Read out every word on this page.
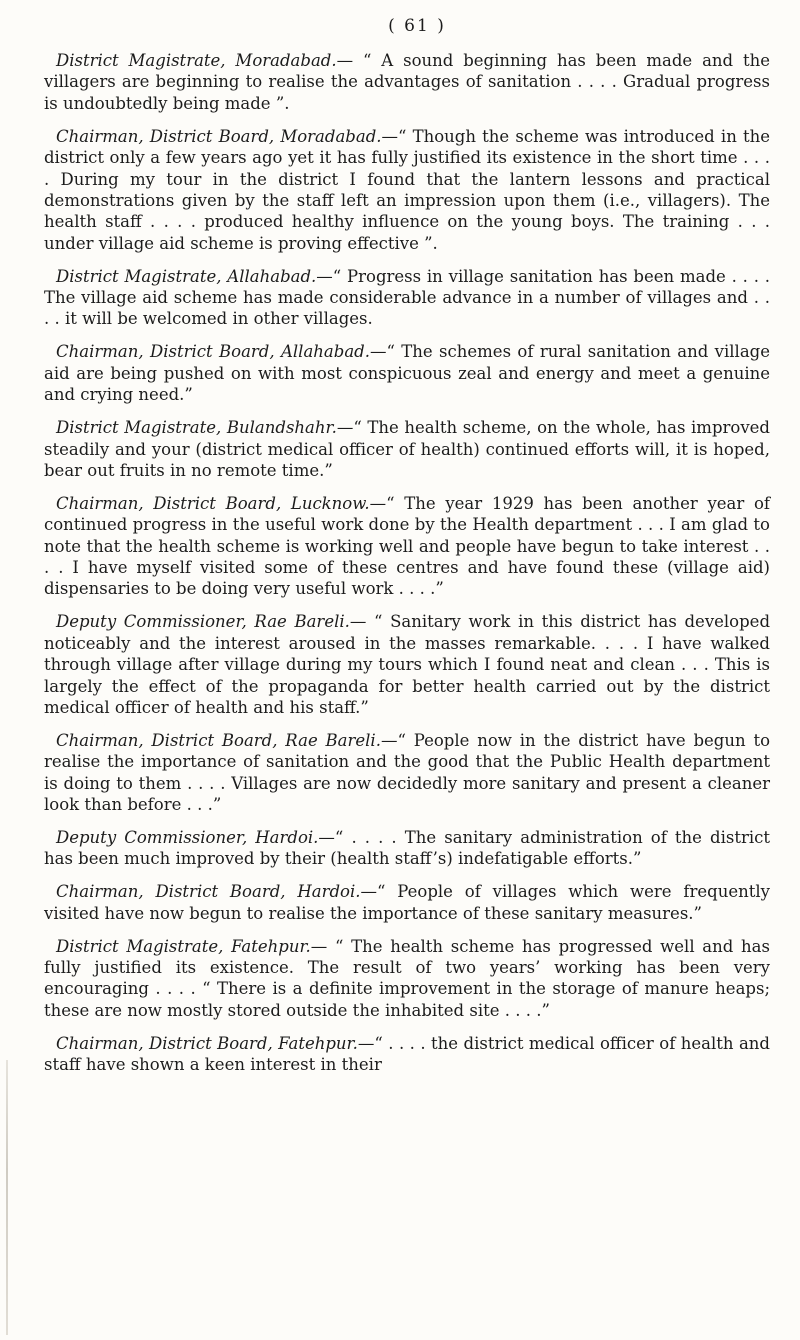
( 61 )

District Magistrate, Moradabad.— “ A sound beginning has been made and the villagers are beginning to realise the advantages of sanitation . . . . Gradual progress is undoubtedly being made ”.

Chairman, District Board, Moradabad.—“ Though the scheme was introduced in the district only a few years ago yet it has fully justified its existence in the short time . . . . During my tour in the district I found that the lantern lessons and practical demonstrations given by the staff left an impression upon them (i.e., villagers). The health staff . . . . produced healthy influence on the young boys. The training . . . under village aid scheme is proving effective ”.

District Magistrate, Allahabad.—“ Progress in village sanitation has been made . . . . The village aid scheme has made considerable advance in a number of villages and . . . . it will be welcomed in other villages.

Chairman, District Board, Allahabad.—“ The schemes of rural sanitation and village aid are being pushed on with most conspicuous zeal and energy and meet a genuine and crying need.”

District Magistrate, Bulandshahr.—“ The health scheme, on the whole, has improved steadily and your (district medical officer of health) continued efforts will, it is hoped, bear out fruits in no remote time.”

Chairman, District Board, Lucknow.—“ The year 1929 has been another year of continued progress in the useful work done by the Health department . . . I am glad to note that the health scheme is working well and people have begun to take interest . . . . I have myself visited some of these centres and have found these (village aid) dispensaries to be doing very useful work . . . .”

Deputy Commissioner, Rae Bareli.— “ Sanitary work in this district has developed noticeably and the interest aroused in the masses remarkable. . . . I have walked through village after village during my tours which I found neat and clean . . . This is largely the effect of the propaganda for better health carried out by the district medical officer of health and his staff.”

Chairman, District Board, Rae Bareli.—“ People now in the district have begun to realise the importance of sanitation and the good that the Public Health department is doing to them . . . . Villages are now decidedly more sanitary and present a cleaner look than before . . .”

Deputy Commissioner, Hardoi.—“ . . . . The sanitary administration of the district has been much improved by their (health staff’s) indefatigable efforts.”

Chairman, District Board, Hardoi.—“ People of villages which were frequently visited have now begun to realise the importance of these sanitary measures.”

District Magistrate, Fatehpur.— “ The health scheme has progressed well and has fully justified its existence. The result of two years’ working has been very encouraging . . . . “ There is a definite improvement in the storage of manure heaps; these are now mostly stored outside the inhabited site . . . .”

Chairman, District Board, Fatehpur.—“ . . . . the district medical officer of health and staff have shown a keen interest in their
